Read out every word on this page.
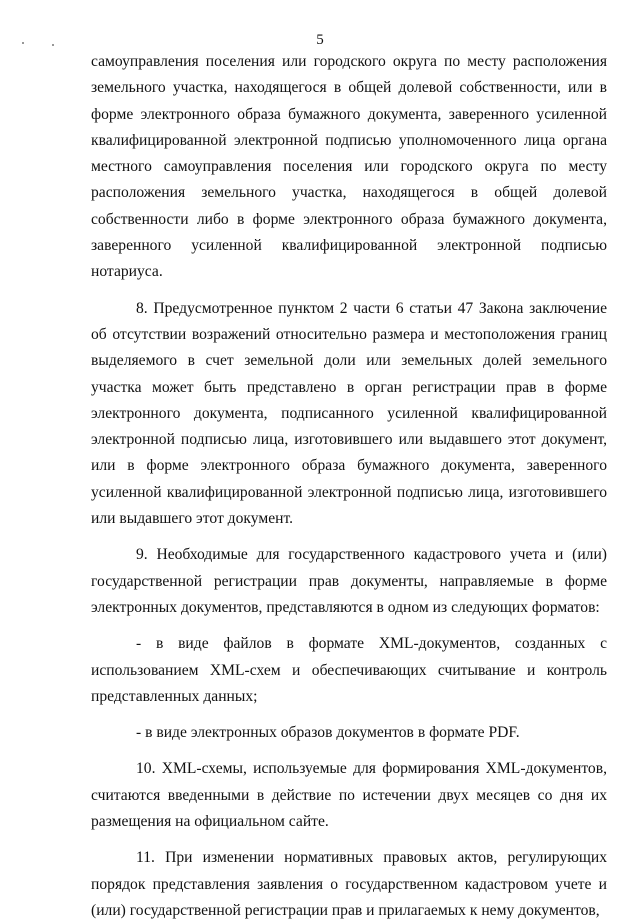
5

самоуправления поселения или городского округа по месту расположения земельного участка, находящегося в общей долевой собственности, или в форме электронного образа бумажного документа, заверенного усиленной квалифицированной электронной подписью уполномоченного лица органа местного самоуправления поселения или городского округа по месту расположения земельного участка, находящегося в общей долевой собственности либо в форме электронного образа бумажного документа, заверенного усиленной квалифицированной электронной подписью нотариуса.

8. Предусмотренное пунктом 2 части 6 статьи 47 Закона заключение об отсутствии возражений относительно размера и местоположения границ выделяемого в счет земельной доли или земельных долей земельного участка может быть представлено в орган регистрации прав в форме электронного документа, подписанного усиленной квалифицированной электронной подписью лица, изготовившего или выдавшего этот документ, или в форме электронного образа бумажного документа, заверенного усиленной квалифицированной электронной подписью лица, изготовившего или выдавшего этот документ.

9. Необходимые для государственного кадастрового учета и (или) государственной регистрации прав документы, направляемые в форме электронных документов, представляются в одном из следующих форматов:

- в виде файлов в формате XML-документов, созданных с использованием XML-схем и обеспечивающих считывание и контроль представленных данных;

- в виде электронных образов документов в формате PDF.

10. XML-схемы, используемые для формирования XML-документов, считаются введенными в действие по истечении двух месяцев со дня их размещения на официальном сайте.

11. При изменении нормативных правовых актов, регулирующих порядок представления заявления о государственном кадастровом учете и (или) государственной регистрации прав и прилагаемых к нему документов,
